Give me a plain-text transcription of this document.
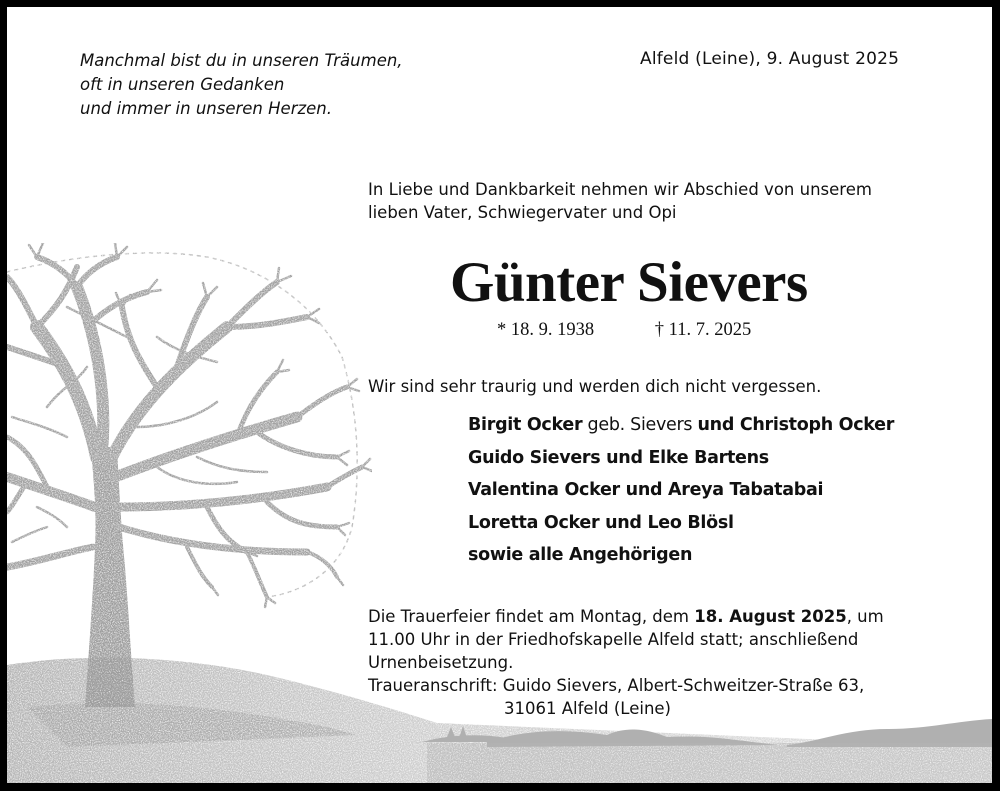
Alfeld (Leine), 9. August 2025
Manchmal bist du in unseren Träumen,
oft in unseren Gedanken
und immer in unseren Herzen.
In Liebe und Dankbarkeit nehmen wir Abschied von unserem
lieben Vater, Schwiegervater und Opi
Günter Sievers
* 18. 9. 1938	† 11. 7. 2025
Wir sind sehr traurig und werden dich nicht vergessen.
Birgit Ocker geb. Sievers und Christoph Ocker
Guido Sievers und Elke Bartens
Valentina Ocker und Areya Tabatabai
Loretta Ocker und Leo Blösl
sowie alle Angehörigen
Die Trauerfeier findet am Montag, dem 18. August 2025, um
11.00 Uhr in der Friedhofskapelle Alfeld statt; anschließend
Urnenbeisetzung.
Traueranschrift: Guido Sievers, Albert-Schweitzer-Straße 63,
31061 Alfeld (Leine)
